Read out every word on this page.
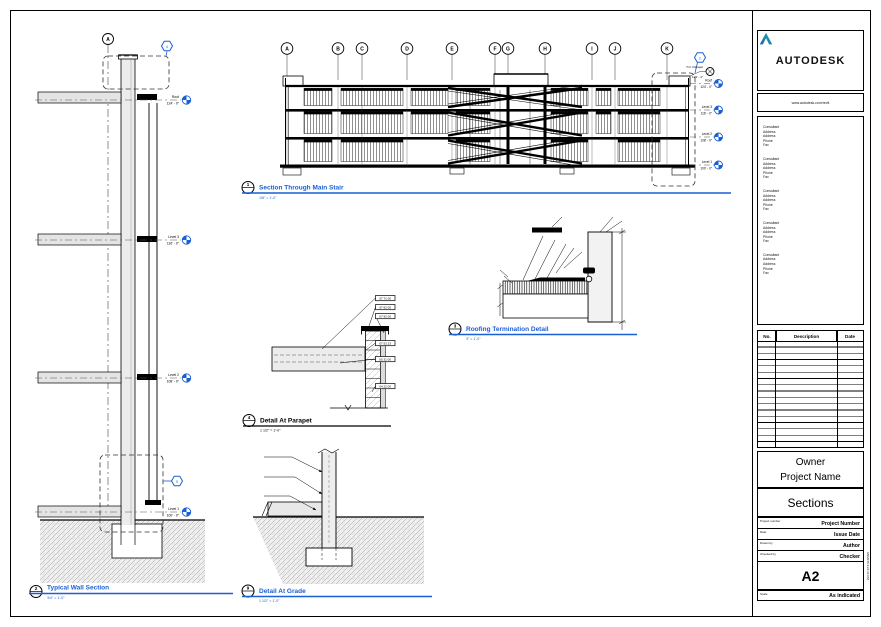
A
4
9
Roof
124' - 0"
Level 3
116' - 0"
Level 2
108' - 0"
Level 1
100' - 0"
2 Typical Wall Section
3/4" = 1'-0"
A	B	C	D	E	F G	H	I	J	K
2
T.O. Parapet
129' - 4"
Roof
124' - 0"
Level 3
116' - 0"
Level 2
108' - 0"
Level 1
100' - 0"
1 Section Through Main Stair
1/8" = 1'-0"
07 71 00
07 62 00
07 92 00
07 53 23
05 31 00
04 22 00
4 Detail At Parapet
1 1/2" = 1'-0"
3 Roofing Termination Detail
3" = 1'-0"
9 Detail At Grade
1 1/2" = 1'-0"
AUTODESK
www.autodesk.com/revit
Consultant
Address
Address
Phone
Fax
Consultant
Address
Address
Phone
Fax
Consultant
Address
Address
Phone
Fax
Consultant
Address
Address
Phone
Fax
Consultant
Address
Address
Phone
Fax
No.	Description	Date
Owner
Project Name
Sections
Project number	Project Number
Date	Issue Date
Drawn by	Author
Checked by	Checker
A2
Scale	As indicated
6/9/2015 2:21:34 PM
